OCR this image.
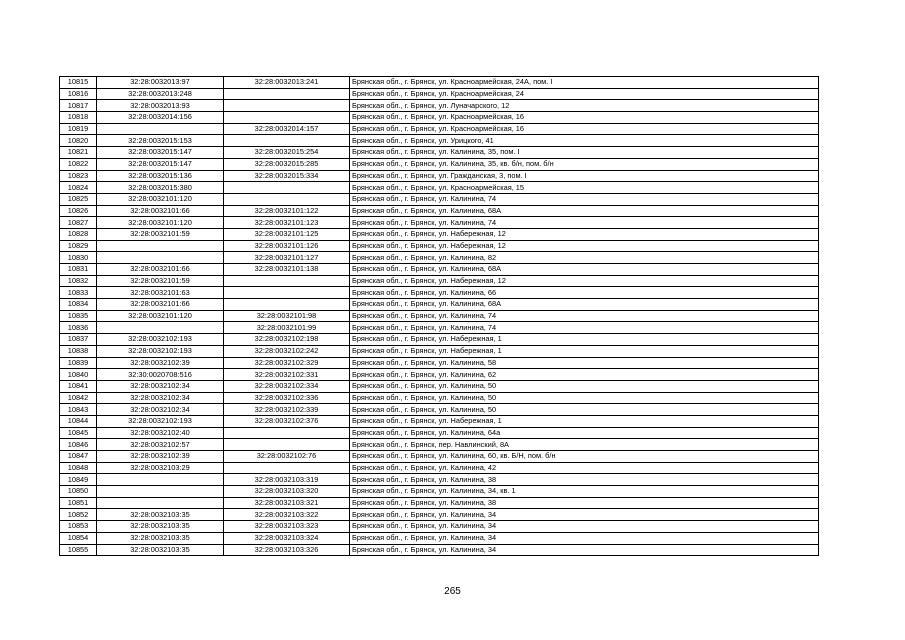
10815	32:28:0032013:97	32:28:0032013:241	Брянская обл., г. Брянск, ул. Красноармейская, 24А, пом. I
10816	32:28:0032013:248		Брянская обл., г. Брянск, ул. Красноармейская, 24
10817	32:28:0032013:93		Брянская обл., г. Брянск, ул. Луначарского, 12
10818	32:28:0032014:156		Брянская обл., г. Брянск, ул. Красноармейская, 16
10819		32:28:0032014:157	Брянская обл., г. Брянск, ул. Красноармейская, 16
10820	32:28:0032015:153		Брянская обл., г. Брянск, ул. Урицкого, 41
10821	32:28:0032015:147	32:28:0032015:254	Брянская обл., г. Брянск, ул. Калинина, 35, пом. I
10822	32:28:0032015:147	32:28:0032015:285	Брянская обл., г. Брянск, ул. Калинина, 35, кв. б/н, пом. б/н
10823	32:28:0032015:136	32:28:0032015:334	Брянская обл., г. Брянск, ул. Гражданская, 3, пом. I
10824	32:28:0032015:380		Брянская обл., г. Брянск, ул. Красноармейская, 15
10825	32:28:0032101:120		Брянская обл., г. Брянск, ул. Калинина, 74
10826	32:28:0032101:66	32:28:0032101:122	Брянская обл., г. Брянск, ул. Калинина, 68А
10827	32:28:0032101:120	32:28:0032101:123	Брянская обл., г. Брянск, ул. Калинина, 74
10828	32:28:0032101:59	32:28:0032101:125	Брянская обл., г. Брянск, ул. Набережная, 12
10829		32:28:0032101:126	Брянская обл., г. Брянск, ул. Набережная, 12
10830		32:28:0032101:127	Брянская обл., г. Брянск, ул. Калинина, 82
10831	32:28:0032101:66	32:28:0032101:138	Брянская обл., г. Брянск, ул. Калинина, 68А
10832	32:28:0032101:59		Брянская обл., г. Брянск, ул. Набережная, 12
10833	32:28:0032101:63		Брянская обл., г. Брянск, ул. Калинина, 66
10834	32:28:0032101:66		Брянская обл., г. Брянск, ул. Калинина, 68А
10835	32:28:0032101:120	32:28:0032101:98	Брянская обл., г. Брянск, ул. Калинина, 74
10836		32:28:0032101:99	Брянская обл., г. Брянск, ул. Калинина, 74
10837	32:28:0032102:193	32:28:0032102:198	Брянская обл., г. Брянск, ул. Набережная, 1
10838	32:28:0032102:193	32:28:0032102:242	Брянская обл., г. Брянск, ул. Набережная, 1
10839	32:28:0032102:39	32:28:0032102:329	Брянская обл., г. Брянск, ул. Калинина, 58
10840	32:30:0020708:516	32:28:0032102:331	Брянская обл., г. Брянск, ул. Калинина, 62
10841	32:28:0032102:34	32:28:0032102:334	Брянская обл., г. Брянск, ул. Калинина, 50
10842	32:28:0032102:34	32:28:0032102:336	Брянская обл., г. Брянск, ул. Калинина, 50
10843	32:28:0032102:34	32:28:0032102:339	Брянская обл., г. Брянск, ул. Калинина, 50
10844	32:28:0032102:193	32:28:0032102:376	Брянская обл., г. Брянск, ул. Набережная, 1
10845	32:28:0032102:40		Брянская обл., г. Брянск, ул. Калинина, 64а
10846	32:28:0032102:57		Брянская обл., г. Брянск, пер. Навлинский, 8А
10847	32:28:0032102:39	32:28:0032102:76	Брянская обл., г. Брянск, ул. Калинина, 60, кв. Б/Н, пом. б/н
10848	32:28:0032103:29		Брянская обл., г. Брянск, ул. Калинина, 42
10849		32:28:0032103:319	Брянская обл., г. Брянск, ул. Калинина, 38
10850		32:28:0032103:320	Брянская обл., г. Брянск, ул. Калинина, 34, кв. 1
10851		32:28:0032103:321	Брянская обл., г. Брянск, ул. Калинина, 38
10852	32:28:0032103:35	32:28:0032103:322	Брянская обл., г. Брянск, ул. Калинина, 34
10853	32:28:0032103:35	32:28:0032103:323	Брянская обл., г. Брянск, ул. Калинина, 34
10854	32:28:0032103:35	32:28:0032103:324	Брянская обл., г. Брянск, ул. Калинина, 34
10855	32:28:0032103:35	32:28:0032103:326	Брянская обл., г. Брянск, ул. Калинина, 34
265
